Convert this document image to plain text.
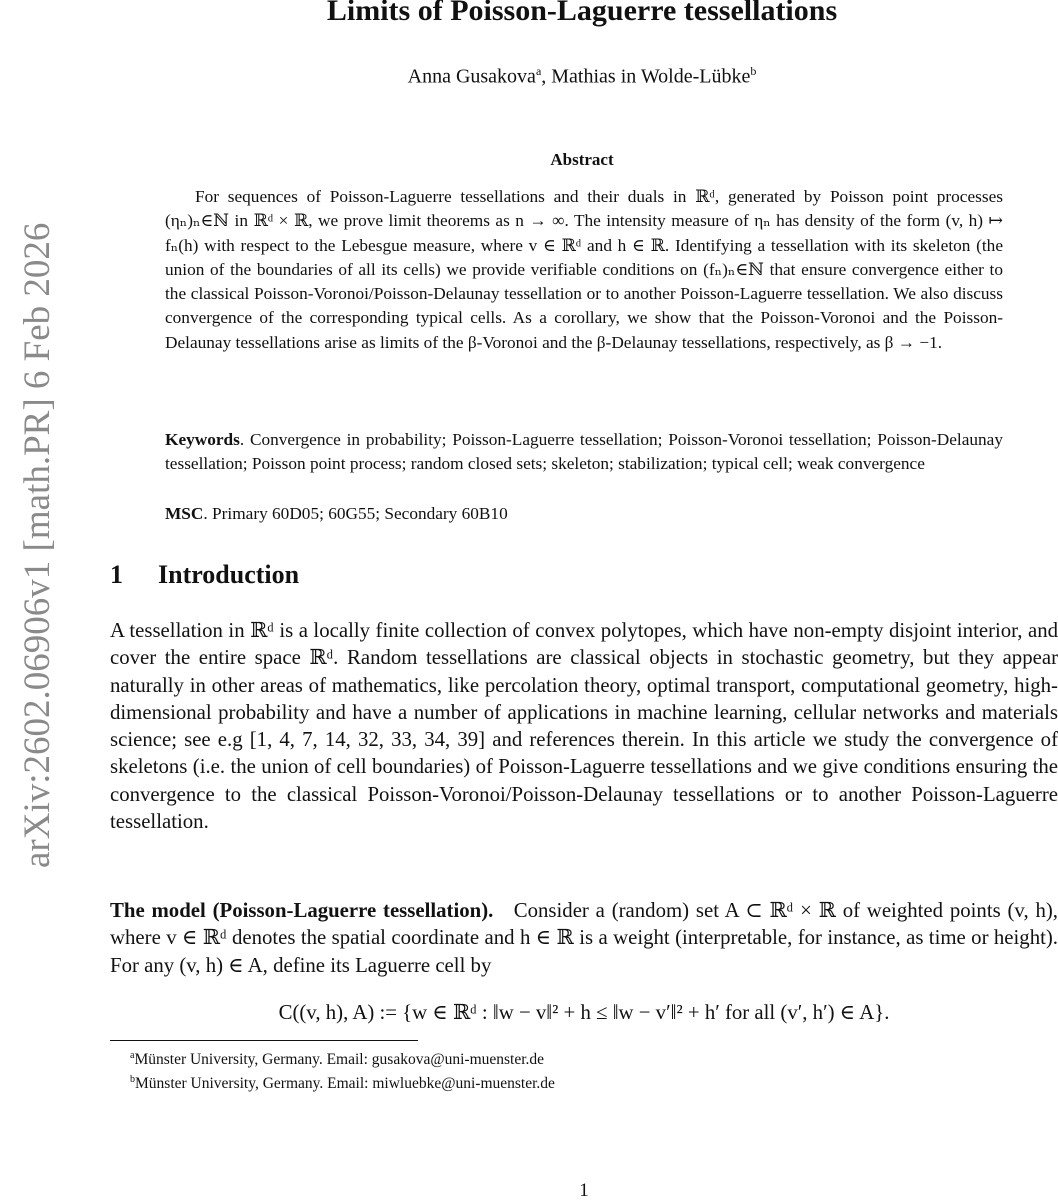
arXiv:2602.06906v1 [math.PR] 6 Feb 2026
Limits of Poisson-Laguerre tessellations
Anna Gusakova$^a$, Mathias in Wolde-Lübke$^b$
Abstract

For sequences of Poisson-Laguerre tessellations and their duals in ℝᵈ, generated by Poisson point processes (ηₙ)ₙ∈ℕ in ℝᵈ × ℝ, we prove limit theorems as n → ∞. The intensity measure of ηₙ has density of the form (v, h) ↦ fₙ(h) with respect to the Lebesgue measure, where v ∈ ℝᵈ and h ∈ ℝ. Identifying a tessellation with its skeleton (the union of the boundaries of all its cells) we provide verifiable conditions on (fₙ)ₙ∈ℕ that ensure convergence either to the classical Poisson-Voronoi/Poisson-Delaunay tessellation or to another Poisson-Laguerre tessellation. We also discuss convergence of the corresponding typical cells. As a corollary, we show that the Poisson-Voronoi and the Poisson-Delaunay tessellations arise as limits of the β-Voronoi and the β-Delaunay tessellations, respectively, as β → −1.

Keywords. Convergence in probability; Poisson-Laguerre tessellation; Poisson-Voronoi tessellation; Poisson-Delaunay tessellation; Poisson point process; random closed sets; skeleton; stabilization; typical cell; weak convergence
MSC. Primary 60D05; 60G55; Secondary 60B10
1 Introduction

A tessellation in ℝᵈ is a locally finite collection of convex polytopes, which have non-empty disjoint interior, and cover the entire space ℝᵈ. Random tessellations are classical objects in stochastic geometry, but they appear naturally in other areas of mathematics, like percolation theory, optimal transport, computational geometry, high-dimensional probability and have a number of applications in machine learning, cellular networks and materials science; see e.g [1, 4, 7, 14, 32, 33, 34, 39] and references therein. In this article we study the convergence of skeletons (i.e. the union of cell boundaries) of Poisson-Laguerre tessellations and we give conditions ensuring the convergence to the classical Poisson-Voronoi/Poisson-Delaunay tessellations or to another Poisson-Laguerre tessellation.

The model (Poisson-Laguerre tessellation). Consider a (random) set A ⊂ ℝᵈ × ℝ of weighted points (v, h), where v ∈ ℝᵈ denotes the spatial coordinate and h ∈ ℝ is a weight (interpretable, for instance, as time or height). For any (v, h) ∈ A, define its Laguerre cell by

C((v, h), A) := {w ∈ ℝᵈ : ‖w − v‖² + h ≤ ‖w − v′‖² + h′ for all (v′, h′) ∈ A}.
$^a$Münster University, Germany. Email: gusakova@uni-muenster.de
$^b$Münster University, Germany. Email: miwluebke@uni-muenster.de
1
